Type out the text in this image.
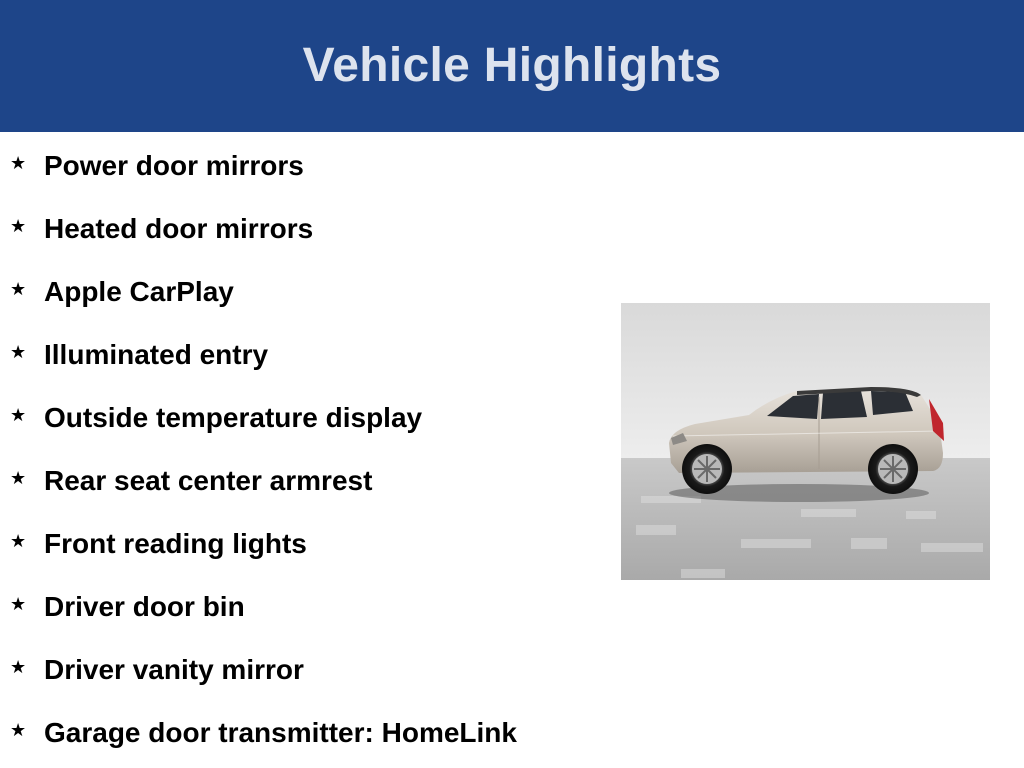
Vehicle Highlights
★ Power door mirrors
★ Heated door mirrors
★ Apple CarPlay
★ Illuminated entry
★ Outside temperature display
★ Rear seat center armrest
★ Front reading lights
★ Driver door bin
★ Driver vanity mirror
★ Garage door transmitter: HomeLink
